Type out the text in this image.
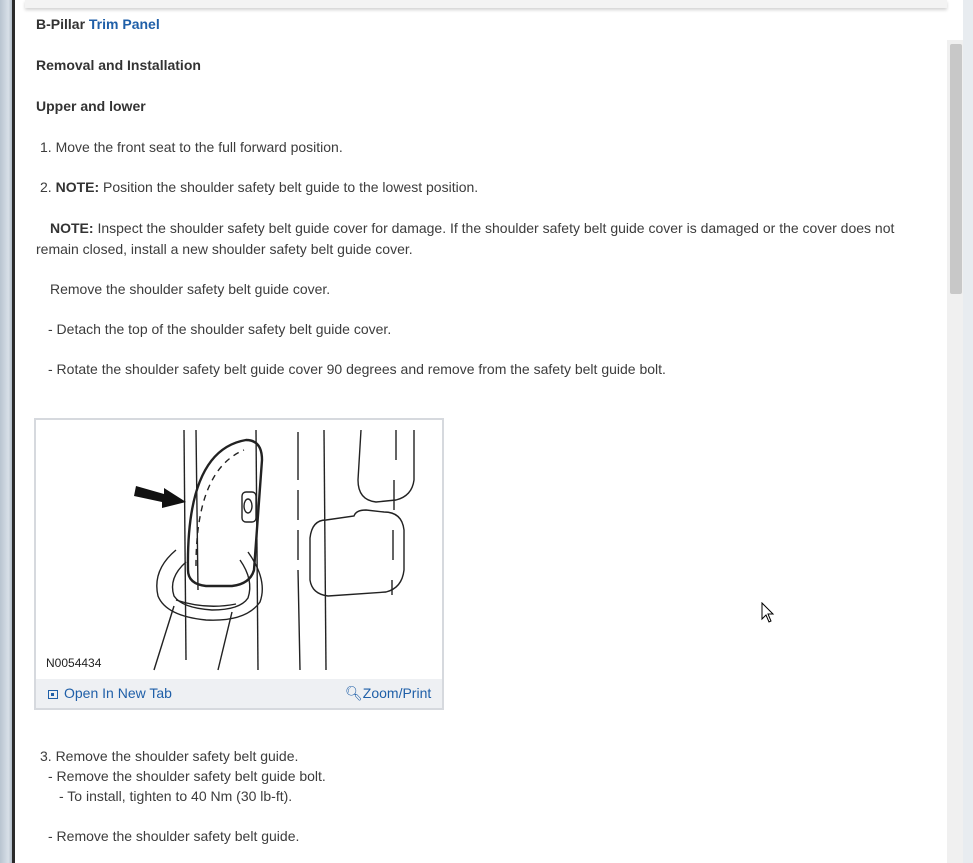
B-Pillar Trim Panel
Removal and Installation
Upper and lower
1. Move the front seat to the full forward position.
2. NOTE: Position the shoulder safety belt guide to the lowest position.
NOTE: Inspect the shoulder safety belt guide cover for damage. If the shoulder safety belt guide cover is damaged or the cover does not
remain closed, install a new shoulder safety belt guide cover.
Remove the shoulder safety belt guide cover.
- Detach the top of the shoulder safety belt guide cover.
- Rotate the shoulder safety belt guide cover 90 degrees and remove from the safety belt guide bolt.
3. Remove the shoulder safety belt guide.
- Remove the shoulder safety belt guide bolt.
- To install, tighten to 40 Nm (30 lb-ft).
- Remove the shoulder safety belt guide.
N0054434
Open In New Tab	🔍︎Zoom/Print
